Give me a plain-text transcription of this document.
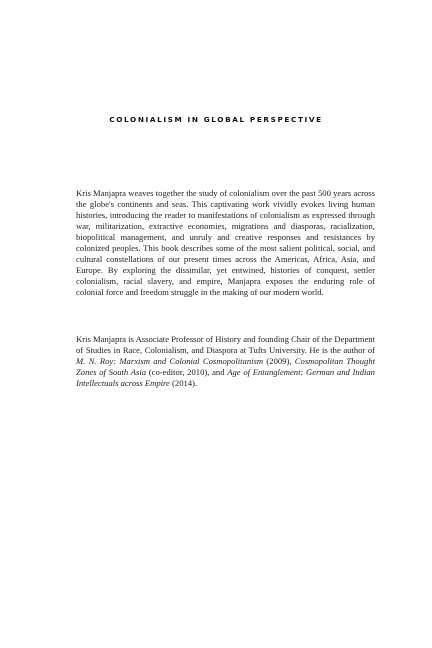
COLONIALISM IN GLOBAL PERSPECTIVE

Kris Manjapra weaves together the study of colonialism over the past 500 years across the globe's continents and seas. This captivating work vividly evokes living human histories, introducing the reader to manifestations of colonialism as expressed through war, militarization, extractive economies, migrations and diasporas, racialization, biopolitical management, and unruly and creative responses and resistances by colonized peoples. This book describes some of the most salient political, social, and cultural constellations of our present times across the Americas, Africa, Asia, and Europe. By exploring the dissimilar, yet entwined, histories of conquest, settler colonialism, racial slavery, and empire, Manjapra exposes the enduring role of colonial force and freedom struggle in the making of our modern world.

Kris Manjapra is Associate Professor of History and founding Chair of the Department of Studies in Race, Colonialism, and Diaspora at Tufts University. He is the author of M. N. Roy: Marxism and Colonial Cosmopolitanism (2009), Cosmopolitan Thought Zones of South Asia (co-editor, 2010), and Age of Entanglement: German and Indian Intellectuals across Empire (2014).
